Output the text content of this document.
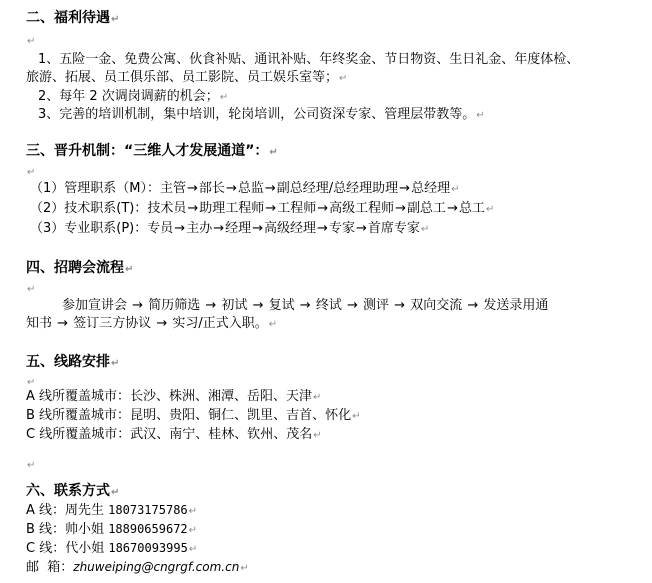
二、福利待遇↵
↵
1、五险一金、免费公寓、伙食补贴、通讯补贴、年终奖金、节日物资、生日礼金、年度体检、
旅游、拓展、员工俱乐部、员工影院、员工娱乐室等；↵
2、每年 2 次调岗调薪的机会；↵
3、完善的培训机制，集中培训，轮岗培训，公司资深专家、管理层带教等。↵
三、晋升机制：“三维人才发展通道”：↵
↵
（1）管理职系（M）：主管→部长→总监→副总经理/总经理助理→总经理↵
（2）技术职系(T)：技术员→助理工程师→工程师→高级工程师→副总工→总工↵
（3）专业职系(P)：专员→主办→经理→高级经理→专家→首席专家↵
四、招聘会流程↵
↵
参加宣讲会 → 简历筛选 → 初试 → 复试 → 终试 → 测评 → 双向交流 → 发送录用通
知书 → 签订三方协议 → 实习/正式入职。↵
五、线路安排↵
↵
A 线所覆盖城市：长沙、株洲、湘潭、岳阳、天津↵
B 线所覆盖城市：昆明、贵阳、铜仁、凯里、吉首、怀化↵
C 线所覆盖城市：武汉、南宁、桂林、钦州、茂名↵
↵
六、联系方式↵
A 线：周先生 18073175786↵
B 线：帅小姐 18890659672↵
C 线：代小姐 18670093995↵
邮  箱：zhuweiping@cngrgf.com.cn↵
